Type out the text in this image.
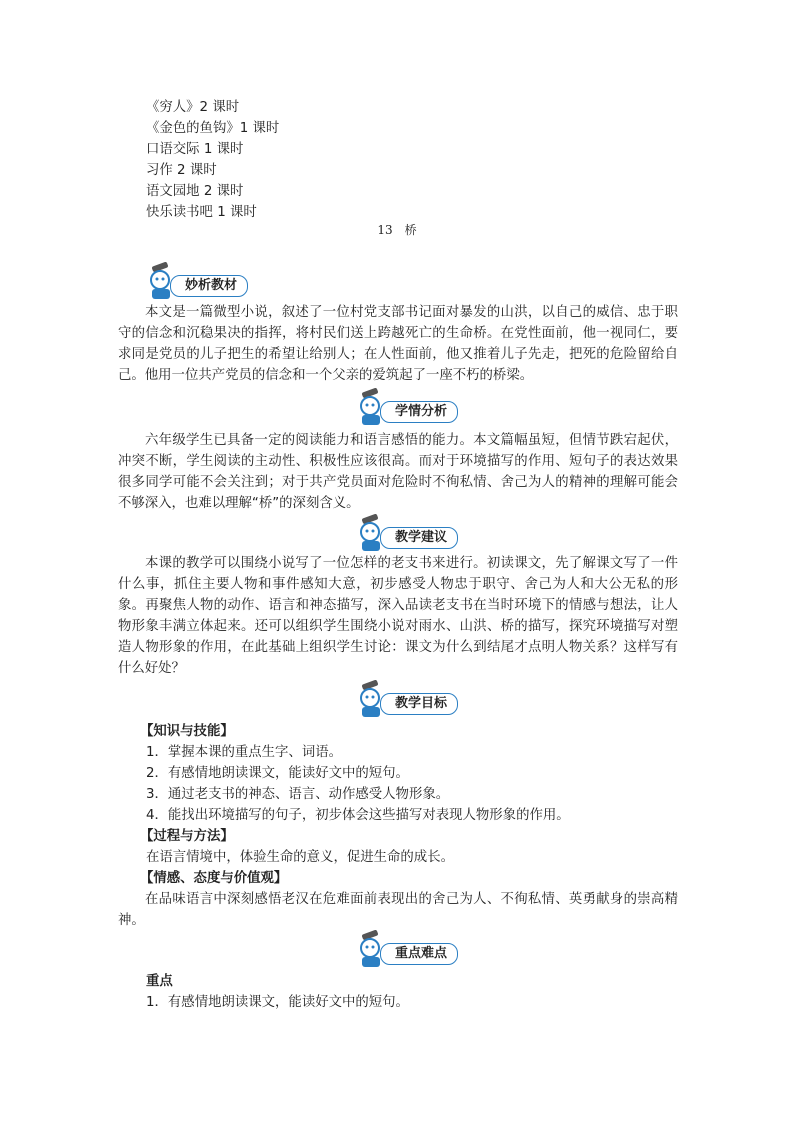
《穷人》2 课时
《金色的鱼钩》1 课时
口语交际 1 课时
习作 2 课时
语文园地 2 课时
快乐读书吧 1 课时
13　桥
妙析教材
本文是一篇微型小说，叙述了一位村党支部书记面对暴发的山洪，以自己的威信、忠于职守的信念和沉稳果决的指挥，将村民们送上跨越死亡的生命桥。在党性面前，他一视同仁，要求同是党员的儿子把生的希望让给别人；在人性面前，他又推着儿子先走，把死的危险留给自己。他用一位共产党员的信念和一个父亲的爱筑起了一座不朽的桥梁。
学情分析
六年级学生已具备一定的阅读能力和语言感悟的能力。本文篇幅虽短，但情节跌宕起伏，冲突不断，学生阅读的主动性、积极性应该很高。而对于环境描写的作用、短句子的表达效果很多同学可能不会关注到；对于共产党员面对危险时不徇私情、舍己为人的精神的理解可能会不够深入，也难以理解“桥”的深刻含义。
教学建议
本课的教学可以围绕小说写了一位怎样的老支书来进行。初读课文，先了解课文写了一件什么事，抓住主要人物和事件感知大意，初步感受人物忠于职守、舍己为人和大公无私的形象。再聚焦人物的动作、语言和神态描写，深入品读老支书在当时环境下的情感与想法，让人物形象丰满立体起来。还可以组织学生围绕小说对雨水、山洪、桥的描写，探究环境描写对塑造人物形象的作用，在此基础上组织学生讨论：课文为什么到结尾才点明人物关系？这样写有什么好处？
教学目标
【知识与技能】
1．掌握本课的重点生字、词语。
2．有感情地朗读课文，能读好文中的短句。
3．通过老支书的神态、语言、动作感受人物形象。
4．能找出环境描写的句子，初步体会这些描写对表现人物形象的作用。
【过程与方法】
在语言情境中，体验生命的意义，促进生命的成长。
【情感、态度与价值观】
在品味语言中深刻感悟老汉在危难面前表现出的舍己为人、不徇私情、英勇献身的崇高精神。
重点难点
重点
1．有感情地朗读课文，能读好文中的短句。
